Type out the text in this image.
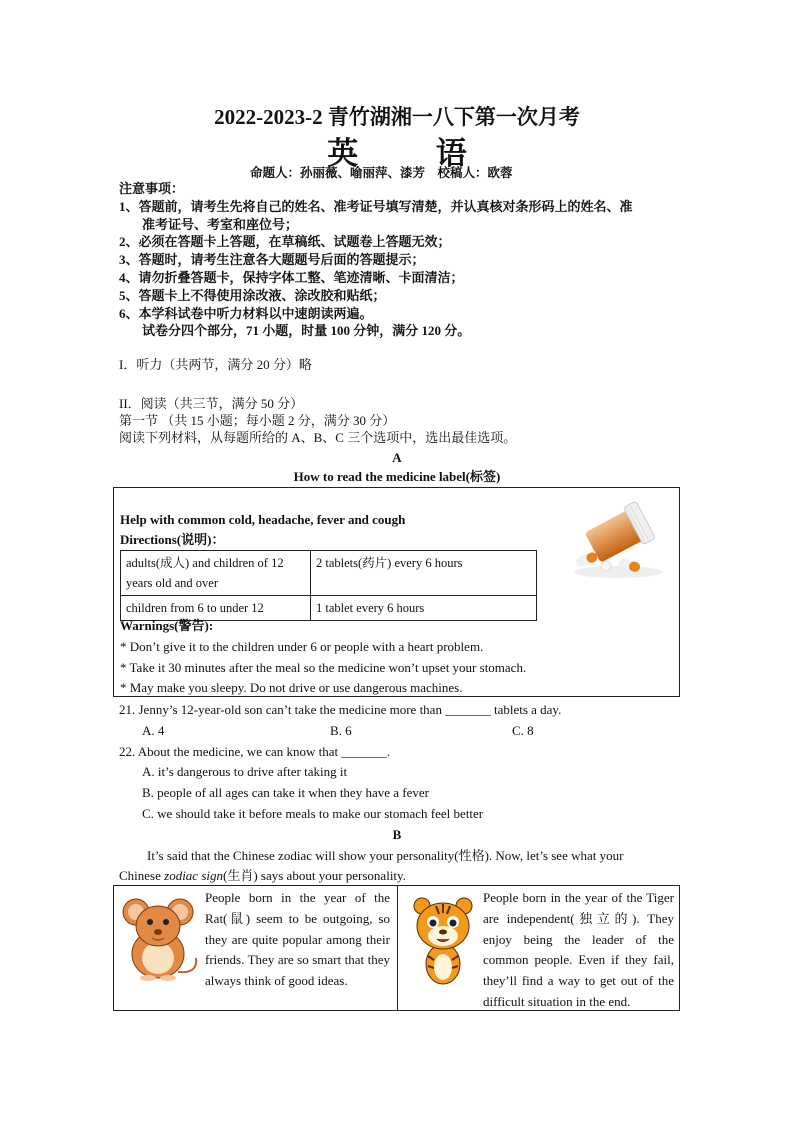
2022-2023-2 青竹湖湘一八下第一次月考
英	语
命题人：孙丽薇、喻丽萍、漆芳　校稿人：欧蓉
注意事项：
1、答题前，请考生先将自己的姓名、准考证号填写清楚，并认真核对条形码上的姓名、准
准考证号、考室和座位号；
2、必须在答题卡上答题，在草稿纸、试题卷上答题无效；
3、答题时，请考生注意各大题题号后面的答题提示；
4、请勿折叠答题卡，保持字体工整、笔迹清晰、卡面清洁；
5、答题卡上不得使用涂改液、涂改胶和贴纸；
6、本学科试卷中听力材料以中速朗读两遍。
试卷分四个部分，71 小题，时量 100 分钟，满分 120 分。
I．听力（共两节，满分 20 分）略
II．阅读（共三节，满分 50 分）
第一节 （共 15 小题；每小题 2 分，满分 30 分）
阅读下列材料，从每题所给的 A、B、C 三个选项中，选出最佳选项。
A
How to read the medicine label(标签)
Help with common cold, headache, fever and cough
Directions(说明)：
adults(成人) and children of 12 years old and over	2 tablets(药片) every 6 hours
children from 6 to under 12	1 tablet every 6 hours
Warnings(警告):
* Don’t give it to the children under 6 or people with a heart problem.
* Take it 30 minutes after the meal so the medicine won’t upset your stomach.
* May make you sleepy. Do not drive or use dangerous machines.
21. Jenny’s 12-year-old son can’t take the medicine more than _______ tablets a day.
A. 4	B. 6	C. 8
22. About the medicine, we can know that _______.
A. it’s dangerous to drive after taking it
B. people of all ages can take it when they have a fever
C. we should take it before meals to make our stomach feel better
B
It’s said that the Chinese zodiac will show your personality(性格). Now, let’s see what your
Chinese zodiac sign(生肖) says about your personality.
People born in the year of the Rat(鼠) seem to be outgoing, so they are quite popular among their friends. They are so smart that they always think of good ideas.
People born in the year of the Tiger are independent(独立的). They enjoy being the leader of the common people. Even if they fail, they’ll find a way to get out of the difficult situation in the end.
